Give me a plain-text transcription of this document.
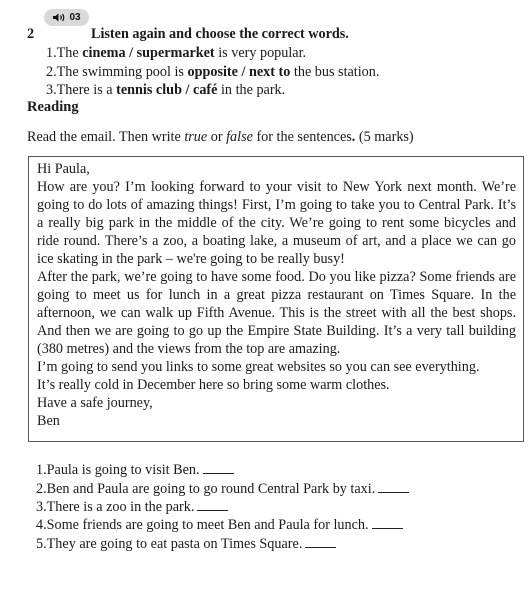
03
2	Listen again and choose the correct words.
1.The cinema / supermarket is very popular.
2.The swimming pool is opposite / next to the bus station.
3.There is a tennis club / café in the park.
Reading
Read the email. Then write true or false for the sentences. (5 marks)

Hi Paula,

How are you? I’m looking forward to your visit to New York next month. We’re going to do lots of amazing things! First, I’m going to take you to Central Park. It’s a really big park in the middle of the city. We’re going to rent some bicycles and ride round. There’s a zoo, a boating lake, a museum of art, and a place we can go ice skating in the park – we're going to be really busy!

After the park, we’re going to have some food. Do you like pizza? Some friends are going to meet us for lunch in a great pizza restaurant on Times Square. In the afternoon, we can walk up Fifth Avenue. This is the street with all the best shops. And then we are going to go up the Empire State Building. It’s a very tall building (380 metres) and the views from the top are amazing.

I’m going to send you links to some great websites so you can see everything.

It’s really cold in December here so bring some warm clothes.

Have a safe journey,

Ben

1.Paula is going to visit Ben.
2.Ben and Paula are going to go round Central Park by taxi.
3.There is a zoo in the park.
4.Some friends are going to meet Ben and Paula for lunch.
5.They are going to eat pasta on Times Square.
